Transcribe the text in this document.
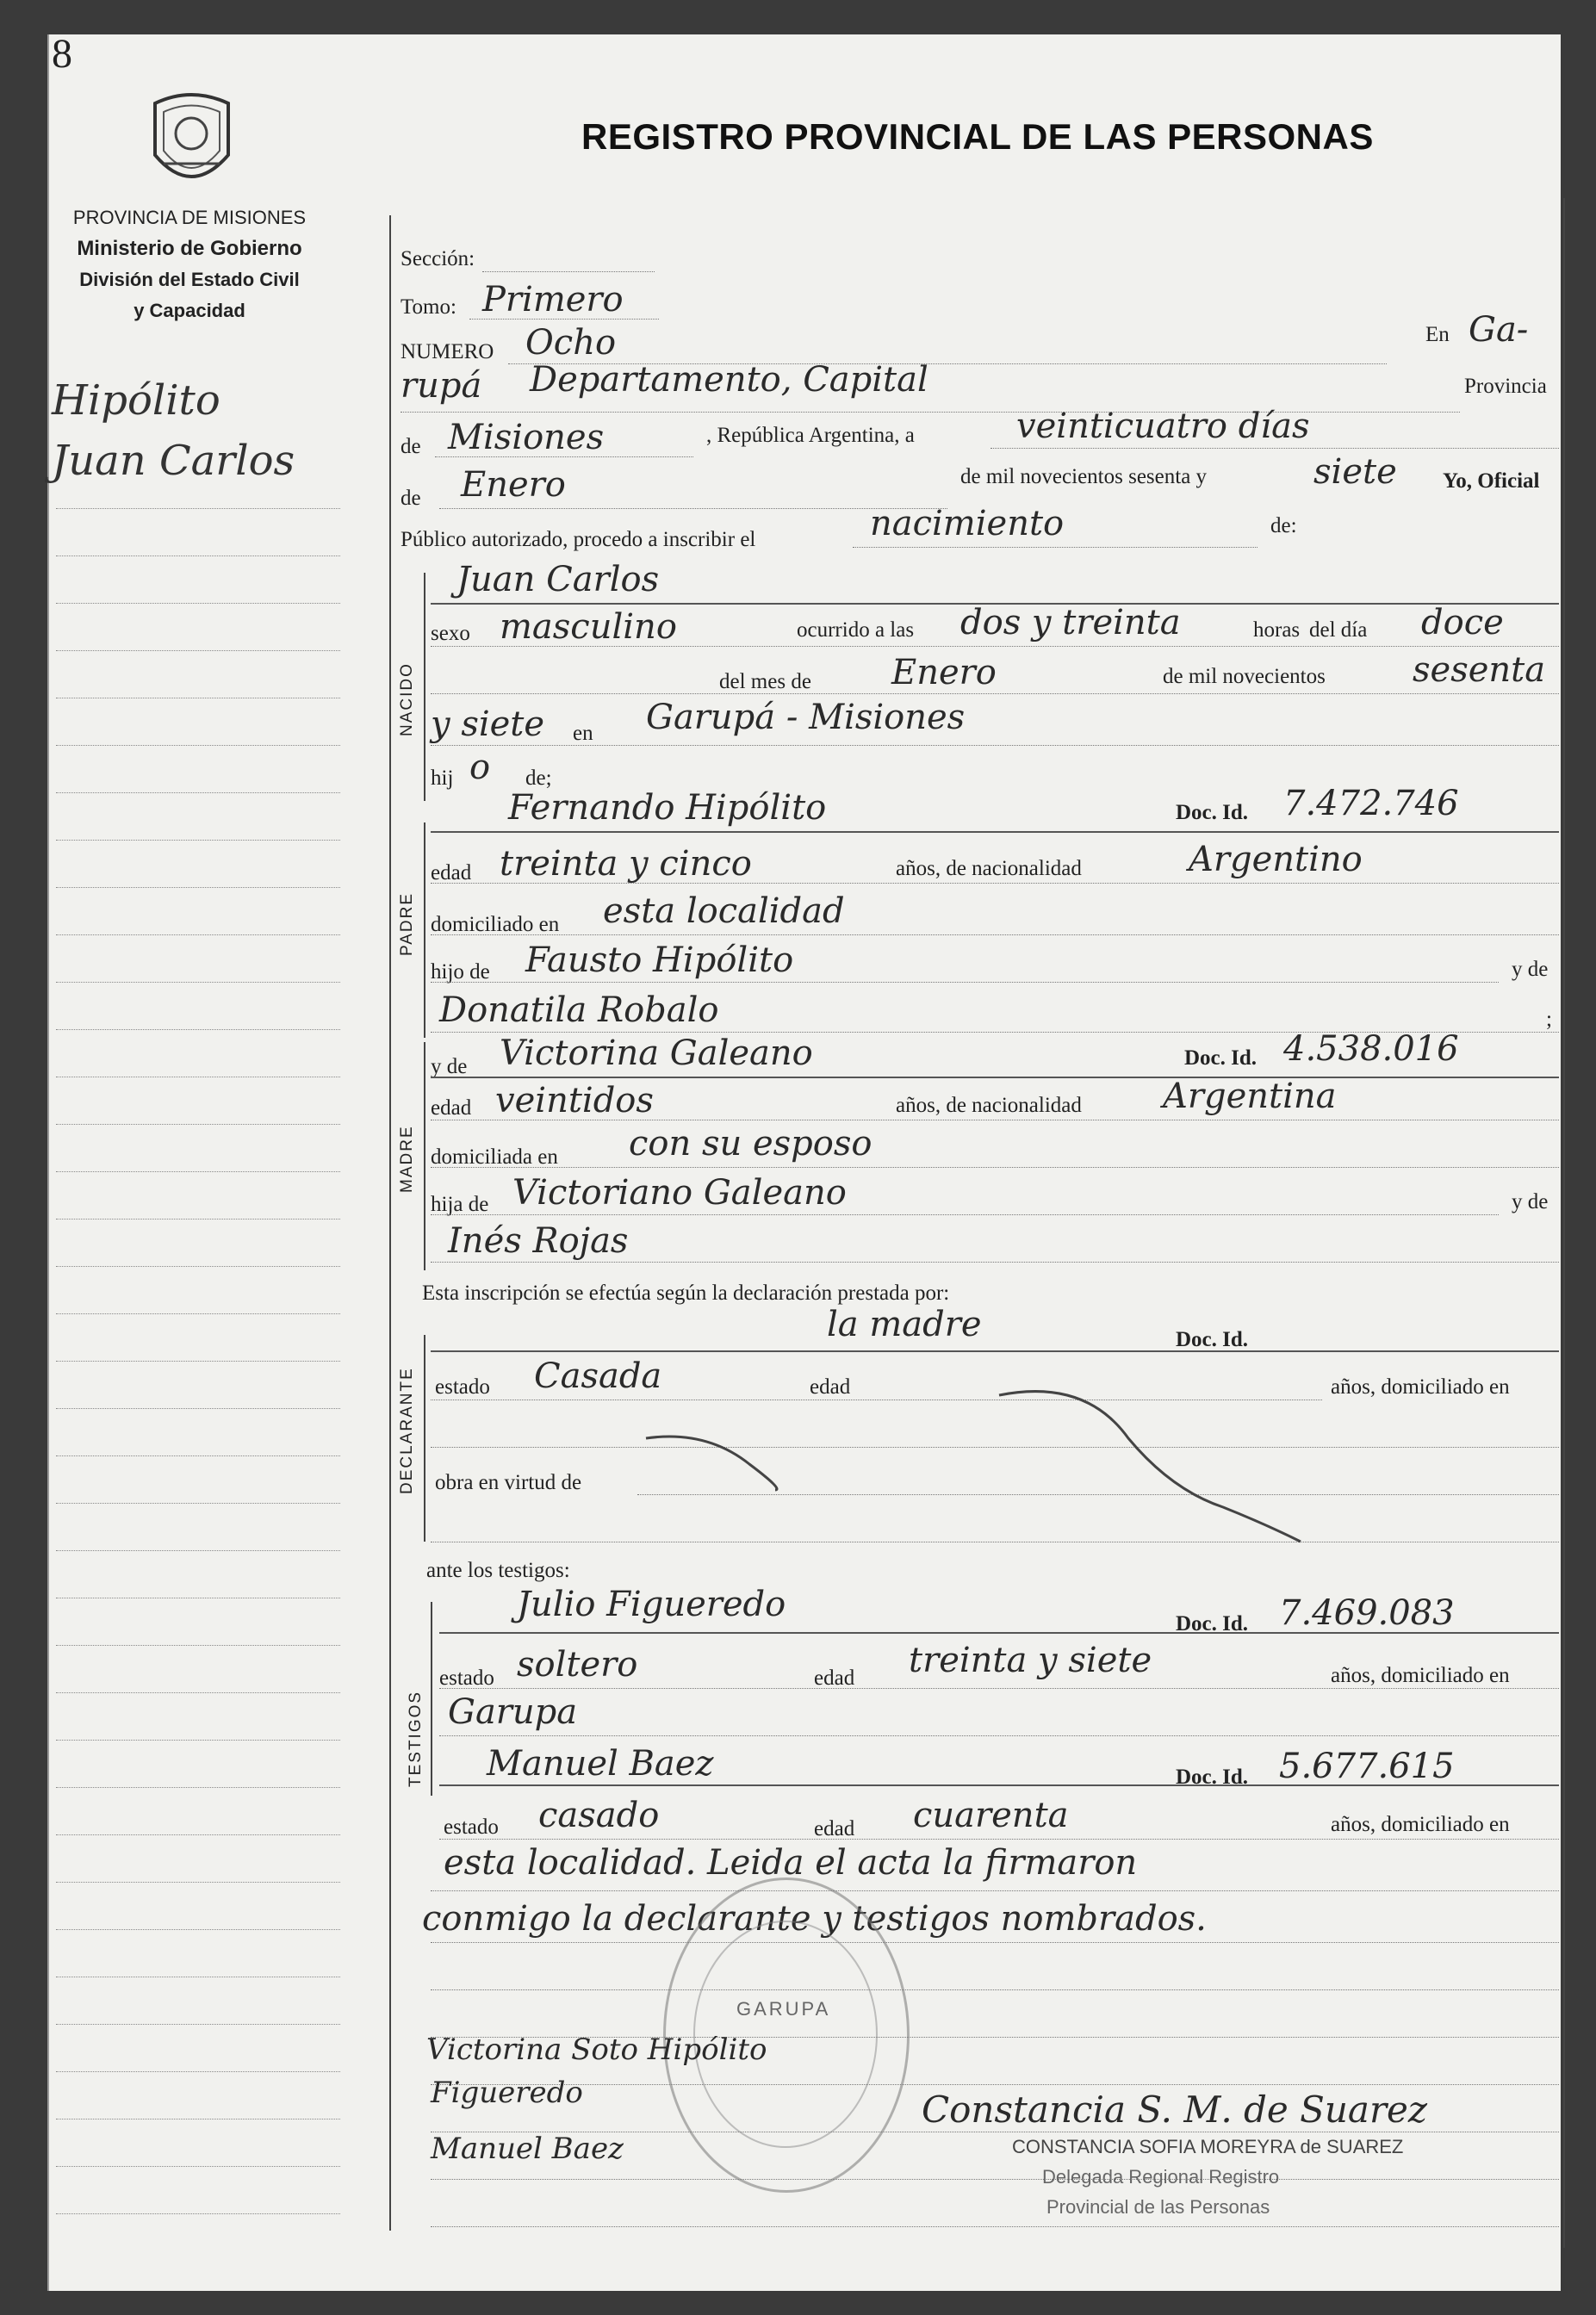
8
REGISTRO PROVINCIAL DE LAS PERSONAS
PROVINCIA DE MISIONES
Ministerio de Gobierno
División del Estado Civil
y Capacidad
Hipólito
Juan Carlos
Sección:
Tomo: Primero
NUMERO Ocho	En Ga-
rupá Departamento, Capital	Provincia
de Misiones	, República Argentina, a	veinticuatro días
de Enero	de mil novecientos sesenta y	siete Yo, Oficial
Público autorizado, procedo a inscribir el	nacimiento	de:
NACIDO
Juan Carlos
sexo masculino	ocurrido a las dos y treinta	horas del día doce
del mes de Enero	de mil novecientos	sesenta
y siete en Garupá - Misiones
hij o de;
PADRE
Fernando Hipólito	Doc. Id. 7.472.746
edad treinta y cinco	años, de nacionalidad	Argentino
domiciliado en esta localidad
hijo de Fausto Hipólito	y de
Donatila Robalo	;
MADRE
y de Victorina Galeano	Doc. Id. 4.538.016
edad veintidos	años, de nacionalidad Argentina
domiciliada en con su esposo
hija de Victoriano Galeano	y de
Inés Rojas
Esta inscripción se efectúa según la declaración prestada por:
DECLARANTE
la madre	Doc. Id.
estado Casada	edad	años, domiciliado en
obra en virtud de
ante los testigos:
TESTIGOS
Julio Figueredo	Doc. Id. 7.469.083
estado soltero	edad treinta y siete	años, domiciliado en
Garupa
Manuel Baez	Doc. Id. 5.677.615
estado casado	edad cuarenta	años, domiciliado en
esta localidad. Leida el acta la firmaron
conmigo la declarante y testigos nombrados.
GARUPA
Victorina Soto Hipólito
Figueredo
Manuel Baez
Constancia S. M. de Suarez
CONSTANCIA SOFIA MOREYRA de SUAREZ
Delegada Regional Registro
Provincial de las Personas
